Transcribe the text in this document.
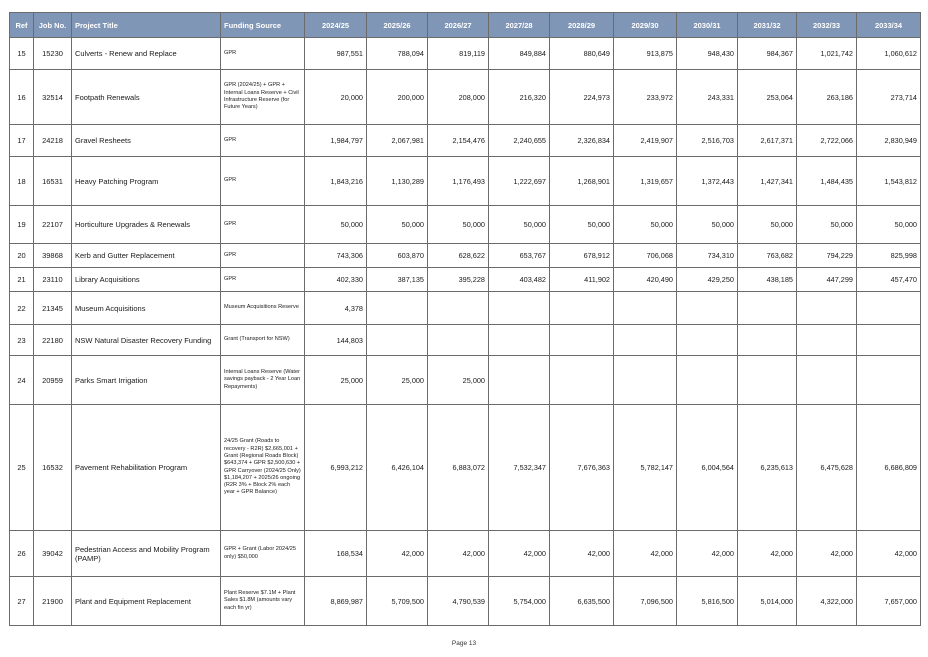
Ref	Job No.	Project Title	Funding Source	2024/25	2025/26	2026/27	2027/28	2028/29	2029/30	2030/31	2031/32	2032/33	2033/34
15	15230	Culverts - Renew and Replace	GPR	987,551	788,094	819,119	849,884	880,649	913,875	948,430	984,367	1,021,742	1,060,612
16	32514	Footpath Renewals	GPR (2024/25) + GPR + Internal Loans Reserve + Civil Infrastructure Reserve (for Future Years)	20,000	200,000	208,000	216,320	224,973	233,972	243,331	253,064	263,186	273,714
17	24218	Gravel Resheets	GPR	1,984,797	2,067,981	2,154,476	2,240,655	2,326,834	2,419,907	2,516,703	2,617,371	2,722,066	2,830,949
18	16531	Heavy Patching Program	GPR	1,843,216	1,130,289	1,176,493	1,222,697	1,268,901	1,319,657	1,372,443	1,427,341	1,484,435	1,543,812
19	22107	Horticulture Upgrades & Renewals	GPR	50,000	50,000	50,000	50,000	50,000	50,000	50,000	50,000	50,000	50,000
20	39868	Kerb and Gutter Replacement	GPR	743,306	603,870	628,622	653,767	678,912	706,068	734,310	763,682	794,229	825,998
21	23110	Library Acquisitions	GPR	402,330	387,135	395,228	403,482	411,902	420,490	429,250	438,185	447,299	457,470
22	21345	Museum Acquisitions	Museum Acquisitions Reserve	4,378									
23	22180	NSW Natural Disaster Recovery Funding	Grant (Transport for NSW)	144,803									
24	20959	Parks Smart Irrigation	Internal Loans Reserve (Water savings payback - 2 Year Loan Repayments)	25,000	25,000	25,000							
25	16532	Pavement Rehabilitation Program	24/25 Grant (Roads to recovery - R2R) $2,665,001 + Grant (Regional Roads Block) $643,374 + GPR $2,500,630 + GPR Carryover (2024/25 Only) $1,184,207 + 2025/26 ongoing (R2R 3% + Block 2% each year + GPR Balance)	6,993,212	6,426,104	6,883,072	7,532,347	7,676,363	5,782,147	6,004,564	6,235,613	6,475,628	6,686,809
26	39042	Pedestrian Access and Mobility Program (PAMP)	GPR + Grant (Labor 2024/25 only) $50,000	168,534	42,000	42,000	42,000	42,000	42,000	42,000	42,000	42,000	42,000
27	21900	Plant and Equipment Replacement	Plant Reserve $7.1M + Plant Sales $1.8M (amounts vary each fin yr)	8,869,987	5,709,500	4,790,539	5,754,000	6,635,500	7,096,500	5,816,500	5,014,000	4,322,000	7,657,000
Page 13
